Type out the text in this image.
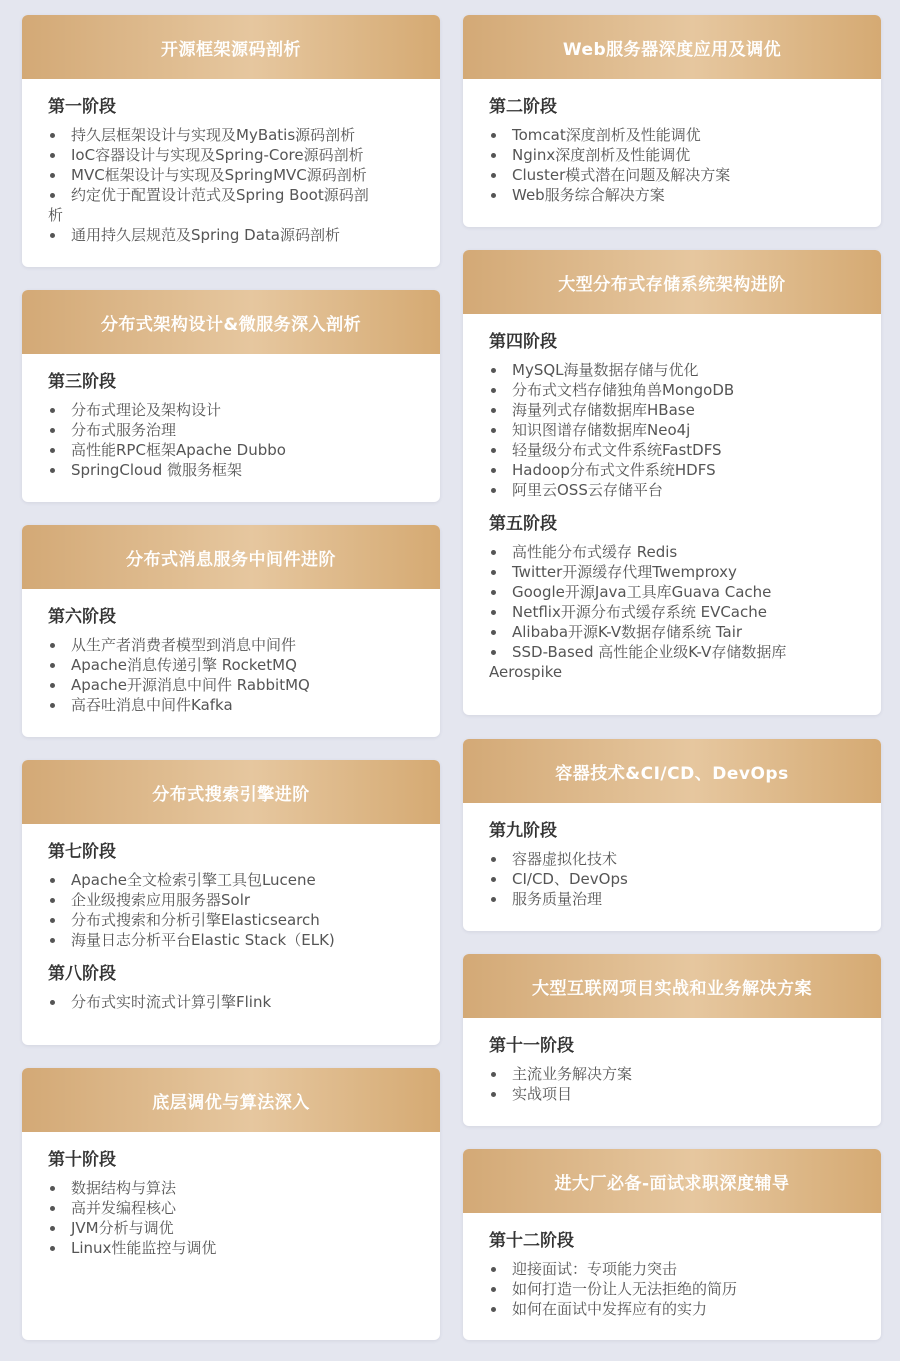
开源框架源码剖析
第一阶段
持久层框架设计与实现及MyBatis源码剖析
IoC容器设计与实现及Spring-Core源码剖析
MVC框架设计与实现及SpringMVC源码剖析
约定优于配置设计范式及Spring Boot源码剖
析
通用持久层规范及Spring Data源码剖析
分布式架构设计&微服务深入剖析
第三阶段
分布式理论及架构设计
分布式服务治理
高性能RPC框架Apache Dubbo
SpringCloud 微服务框架
分布式消息服务中间件进阶
第六阶段
从生产者消费者模型到消息中间件
Apache消息传递引擎 RocketMQ
Apache开源消息中间件 RabbitMQ
高吞吐消息中间件Kafka
分布式搜索引擎进阶
第七阶段
Apache全文检索引擎工具包Lucene
企业级搜索应用服务器Solr
分布式搜索和分析引擎Elasticsearch
海量日志分析平台Elastic Stack（ELK)
第八阶段
分布式实时流式计算引擎Flink
底层调优与算法深入
第十阶段
数据结构与算法
高并发编程核心
JVM分析与调优
Linux性能监控与调优
Web服务器深度应用及调优
第二阶段
Tomcat深度剖析及性能调优
Nginx深度剖析及性能调优
Cluster模式潜在问题及解决方案
Web服务综合解决方案
大型分布式存储系统架构进阶
第四阶段
MySQL海量数据存储与优化
分布式文档存储独角兽MongoDB
海量列式存储数据库HBase
知识图谱存储数据库Neo4j
轻量级分布式文件系统FastDFS
Hadoop分布式文件系统HDFS
阿里云OSS云存储平台
第五阶段
高性能分布式缓存 Redis
Twitter开源缓存代理Twemproxy
Google开源Java工具库Guava Cache
Netflix开源分布式缓存系统 EVCache
Alibaba开源K-V数据存储系统 Tair
SSD-Based 高性能企业级K-V存储数据库
Aerospike
容器技术&CI/CD、DevOps
第九阶段
容器虚拟化技术
CI/CD、DevOps
服务质量治理
大型互联网项目实战和业务解决方案
第十一阶段
主流业务解决方案
实战项目
进大厂必备-面试求职深度辅导
第十二阶段
迎接面试：专项能力突击
如何打造一份让人无法拒绝的简历
如何在面试中发挥应有的实力
